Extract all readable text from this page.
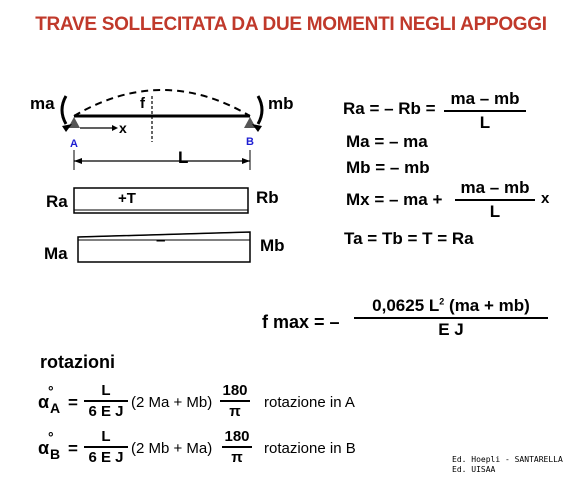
TRAVE SOLLECITATA DA DUE MOMENTI NEGLI APPOGGI
ma	mb
f
x
A	B
L
Ra	+T	Rb
Ma
–	Mb
Ra = – Rb =
ma – mb
L
Ma = – ma
Mb = – mb
Mx = – ma +
ma – mb
L
x
Ta = Tb = T = Ra
f max = –
0,0625 $L^2$ (ma + mb)
E J
rotazioni
α
°
A =
L
6 E J
(2 Ma + Mb)
180
π
rotazione in A
α
°
B =
L
6 E J
(2 Mb + Ma)
180
π
rotazione in B
Ed. Hoepli - SANTARELLA
Ed. UISAA
